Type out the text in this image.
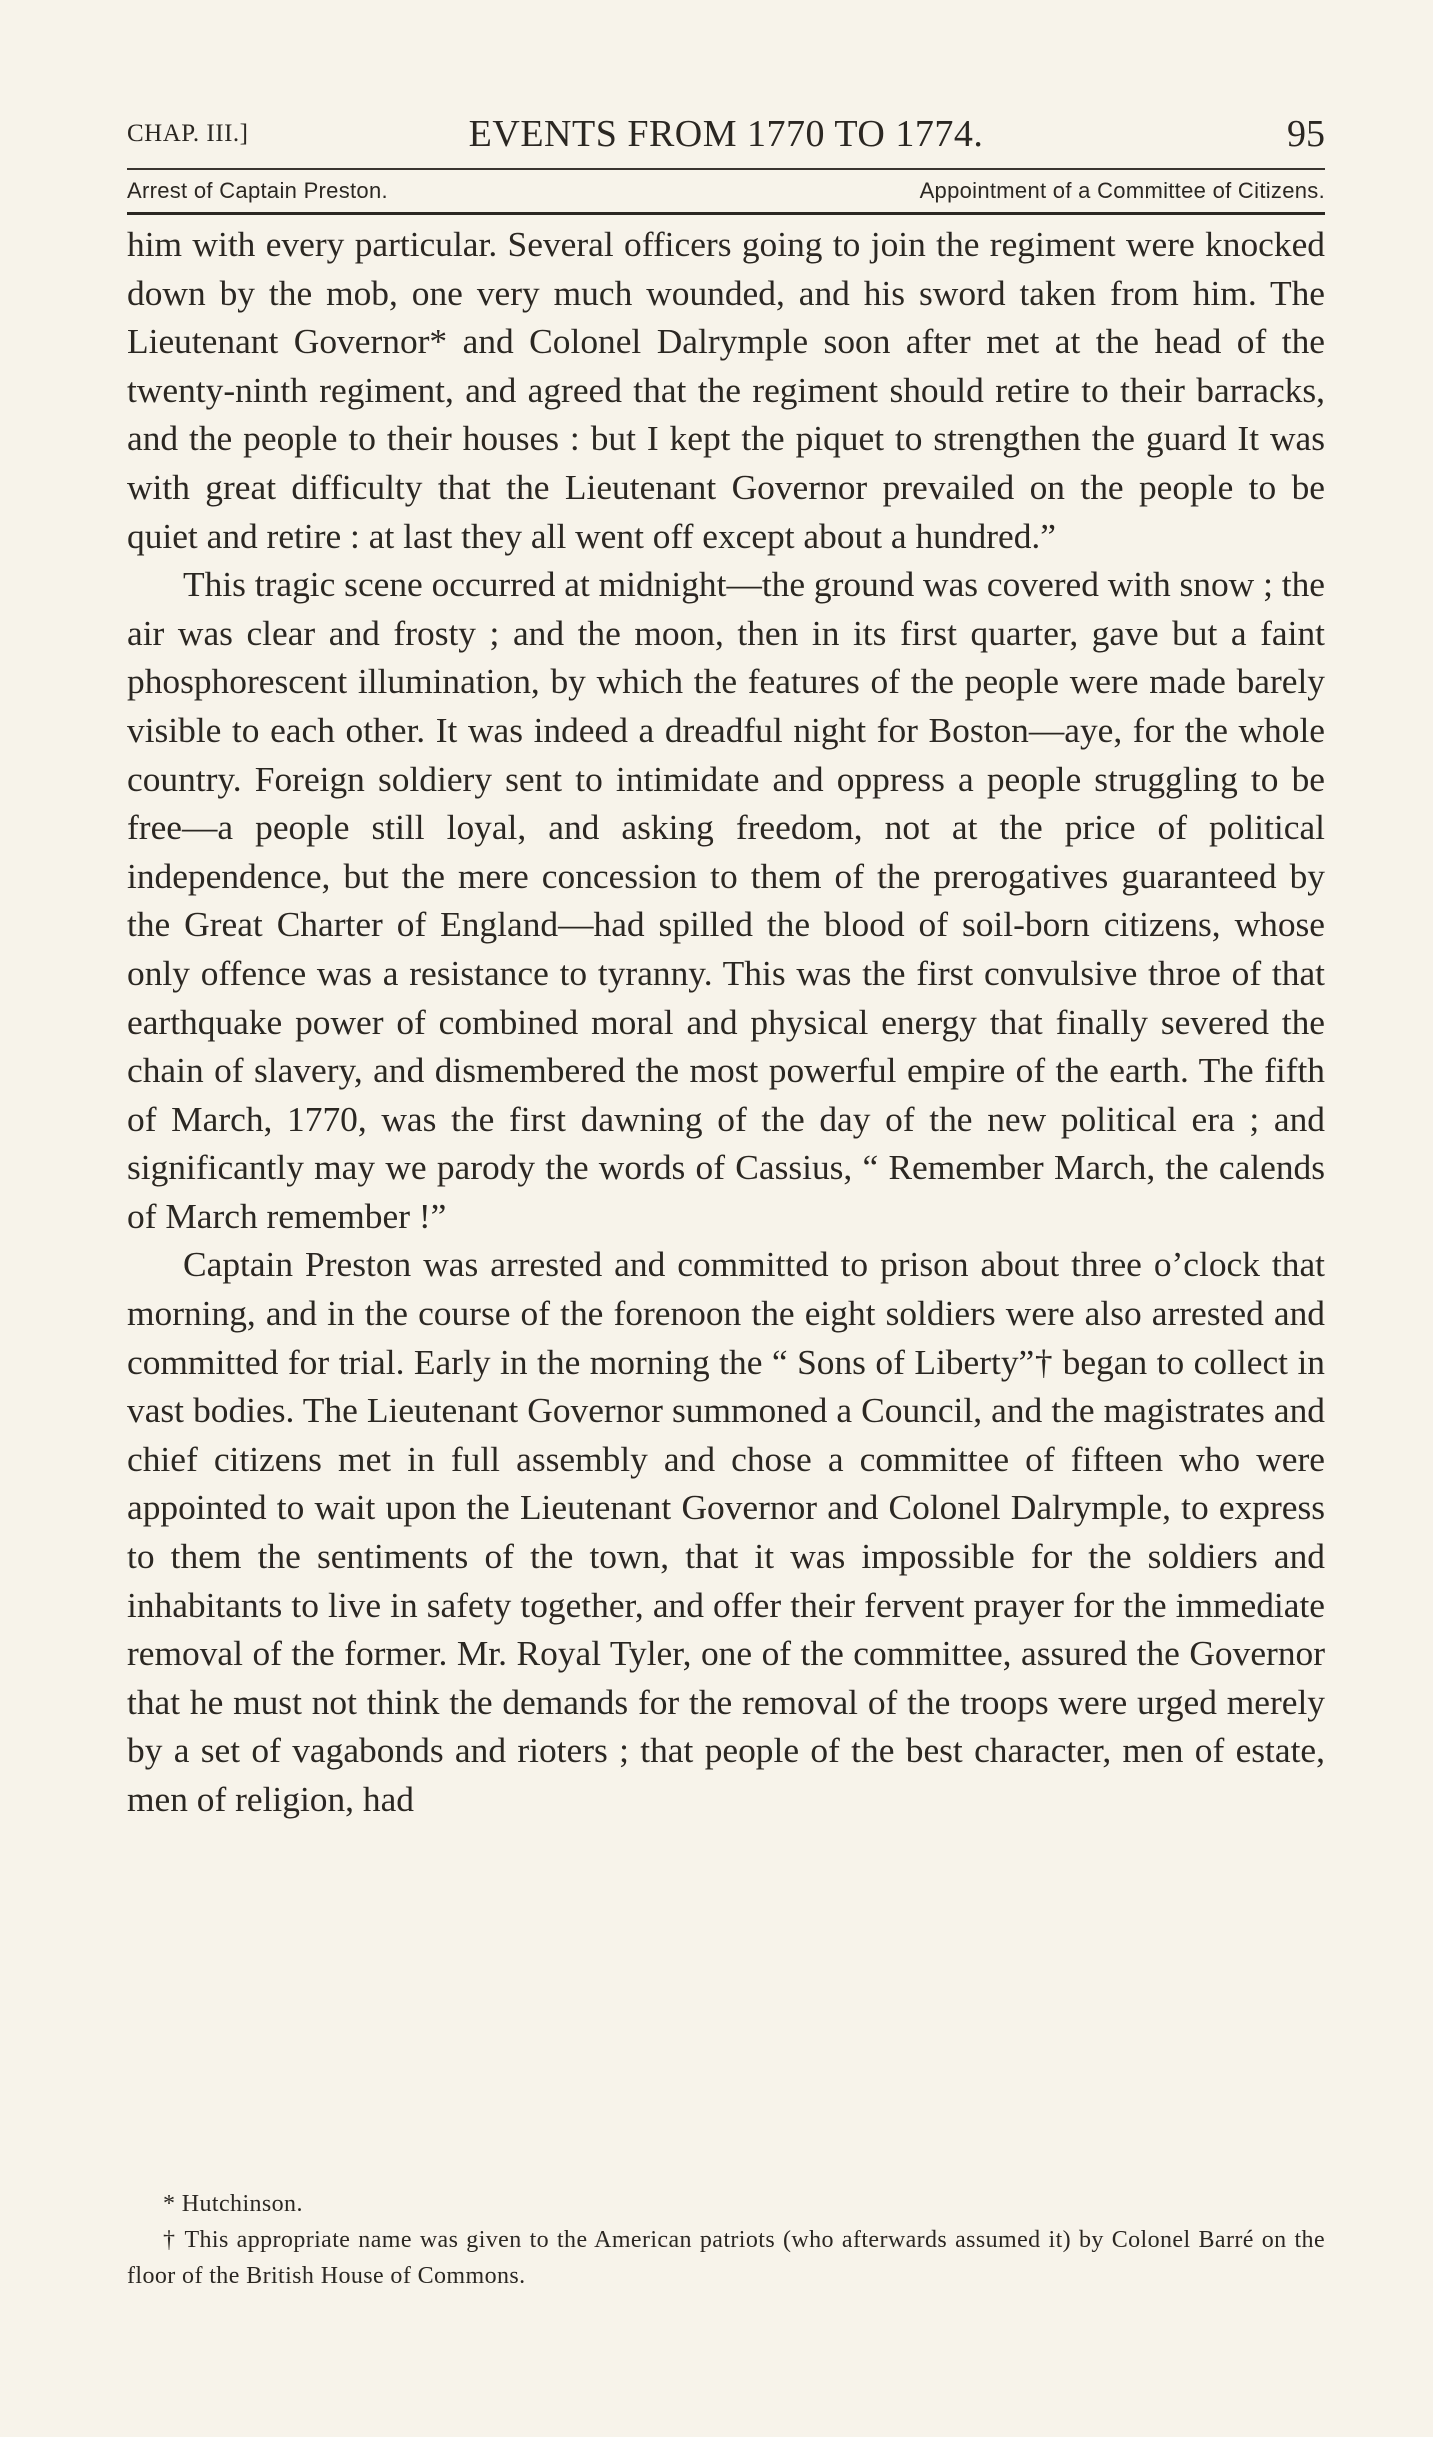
CHAP. III.]	EVENTS FROM 1770 TO 1774.	95
Arrest of Captain Preston.	Appointment of a Committee of Citizens.

him with every particular. Several officers going to join the regiment were knocked down by the mob, one very much wounded, and his sword taken from him. The Lieutenant Governor* and Colonel Dalrymple soon after met at the head of the twenty-ninth regiment, and agreed that the regiment should retire to their barracks, and the people to their houses : but I kept the piquet to strengthen the guard It was with great difficulty that the Lieutenant Governor prevailed on the people to be quiet and retire : at last they all went off except about a hundred.”

This tragic scene occurred at midnight—the ground was covered with snow ; the air was clear and frosty ; and the moon, then in its first quarter, gave but a faint phosphorescent illumination, by which the features of the people were made barely visible to each other. It was indeed a dreadful night for Boston—aye, for the whole country. Foreign soldiery sent to intimidate and oppress a people struggling to be free—a people still loyal, and asking freedom, not at the price of political independence, but the mere concession to them of the prerogatives guaranteed by the Great Charter of England—had spilled the blood of soil-born citizens, whose only offence was a resistance to tyranny. This was the first convulsive throe of that earthquake power of combined moral and physical energy that finally severed the chain of slavery, and dismembered the most powerful empire of the earth. The fifth of March, 1770, was the first dawning of the day of the new political era ; and significantly may we parody the words of Cassius, “ Remember March, the calends of March remember !”

Captain Preston was arrested and committed to prison about three o’clock that morning, and in the course of the forenoon the eight soldiers were also arrested and committed for trial. Early in the morning the “ Sons of Liberty”† began to collect in vast bodies. The Lieutenant Governor summoned a Council, and the magistrates and chief citizens met in full assembly and chose a committee of fifteen who were appointed to wait upon the Lieutenant Governor and Colonel Dalrymple, to express to them the sentiments of the town, that it was impossible for the soldiers and inhabitants to live in safety together, and offer their fervent prayer for the immediate removal of the former. Mr. Royal Tyler, one of the committee, assured the Governor that he must not think the demands for the removal of the troops were urged merely by a set of vagabonds and rioters ; that people of the best character, men of estate, men of religion, had

* Hutchinson.

† This appropriate name was given to the American patriots (who afterwards assumed it) by Colonel Barré on the floor of the British House of Commons.
